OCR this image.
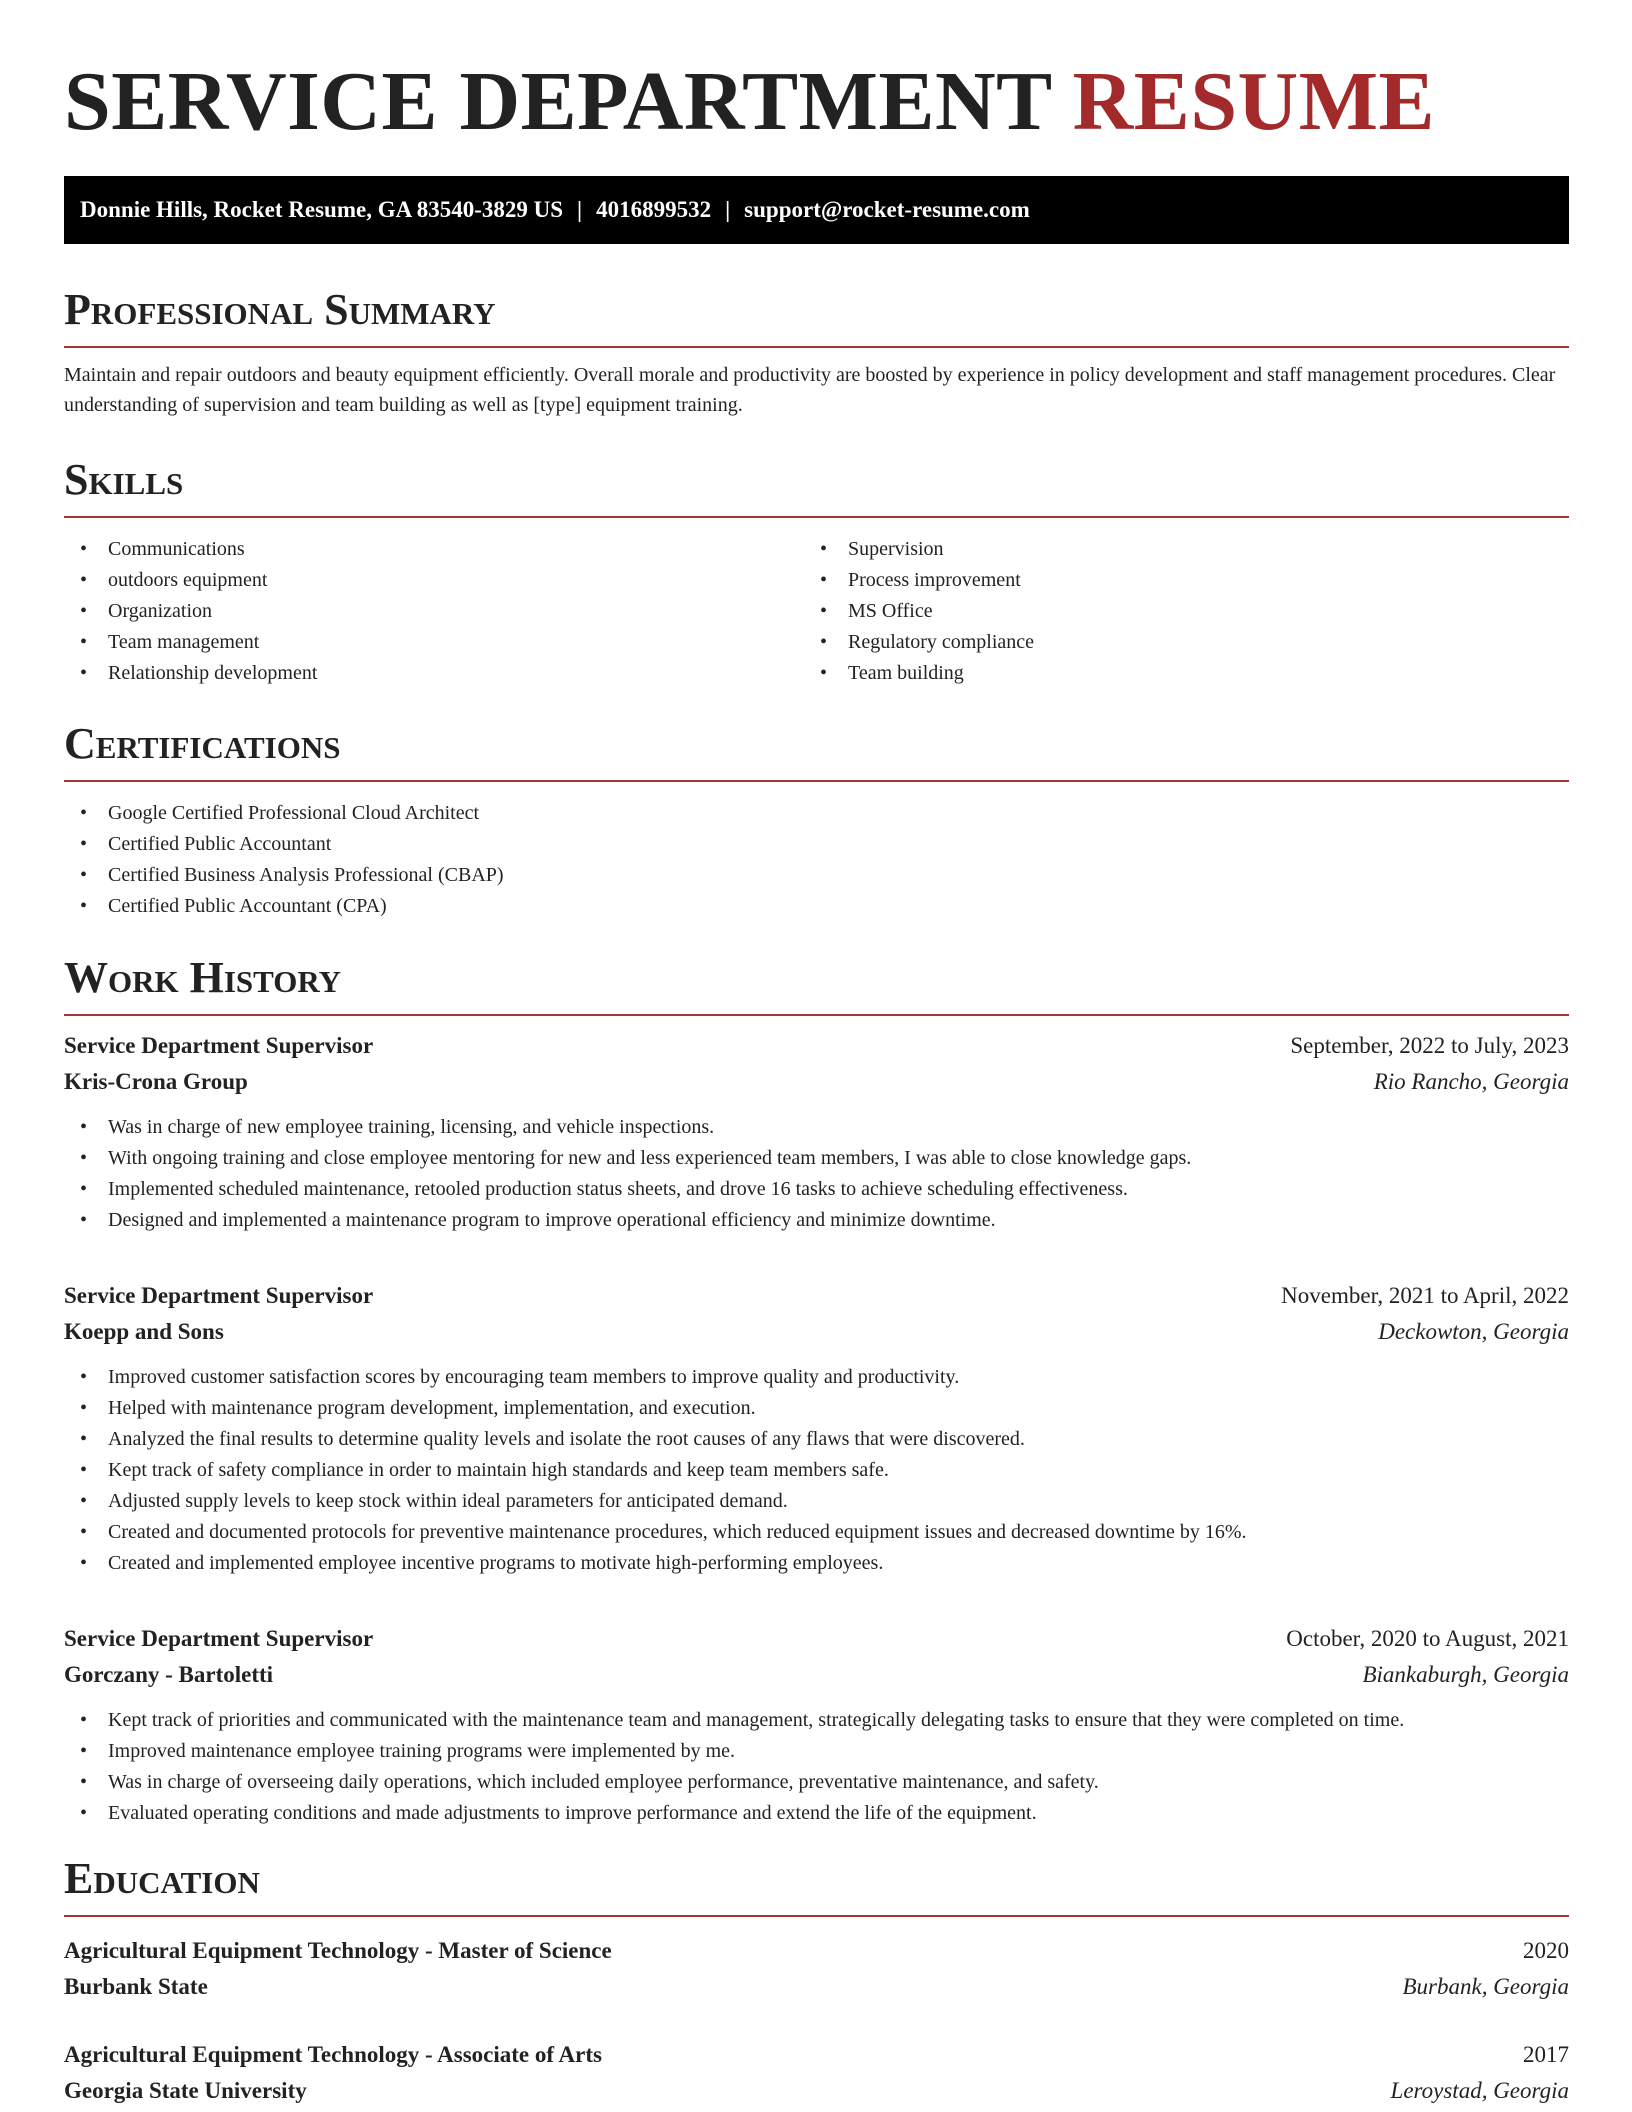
SERVICE DEPARTMENT RESUME
Donnie Hills, Rocket Resume, GA 83540-3829 US | 4016899532 | support@rocket-resume.com
Professional Summary

Maintain and repair outdoors and beauty equipment efficiently. Overall morale and productivity are boosted by experience in policy development and staff management procedures. Clear understanding of supervision and team building as well as [type] equipment training.

Skills
• Communications
• outdoors equipment
• Organization
• Team management
• Relationship development
• Supervision
• Process improvement
• MS Office
• Regulatory compliance
• Team building
Certifications
• Google Certified Professional Cloud Architect
• Certified Public Accountant
• Certified Business Analysis Professional (CBAP)
• Certified Public Accountant (CPA)
Work History
Service Department Supervisor	September, 2022 to July, 2023
Kris-Crona Group	Rio Rancho, Georgia
• Was in charge of new employee training, licensing, and vehicle inspections.
• With ongoing training and close employee mentoring for new and less experienced team members, I was able to close knowledge gaps.
• Implemented scheduled maintenance, retooled production status sheets, and drove 16 tasks to achieve scheduling effectiveness.
• Designed and implemented a maintenance program to improve operational efficiency and minimize downtime.
Service Department Supervisor	November, 2021 to April, 2022
Koepp and Sons	Deckowton, Georgia
• Improved customer satisfaction scores by encouraging team members to improve quality and productivity.
• Helped with maintenance program development, implementation, and execution.
• Analyzed the final results to determine quality levels and isolate the root causes of any flaws that were discovered.
• Kept track of safety compliance in order to maintain high standards and keep team members safe.
• Adjusted supply levels to keep stock within ideal parameters for anticipated demand.
• Created and documented protocols for preventive maintenance procedures, which reduced equipment issues and decreased downtime by 16%.
• Created and implemented employee incentive programs to motivate high-performing employees.
Service Department Supervisor	October, 2020 to August, 2021
Gorczany - Bartoletti	Biankaburgh, Georgia
• Kept track of priorities and communicated with the maintenance team and management, strategically delegating tasks to ensure that they were completed on time.
• Improved maintenance employee training programs were implemented by me.
• Was in charge of overseeing daily operations, which included employee performance, preventative maintenance, and safety.
• Evaluated operating conditions and made adjustments to improve performance and extend the life of the equipment.
Education
Agricultural Equipment Technology - Master of Science	2020
Burbank State	Burbank, Georgia
Agricultural Equipment Technology - Associate of Arts	2017
Georgia State University	Leroystad, Georgia
